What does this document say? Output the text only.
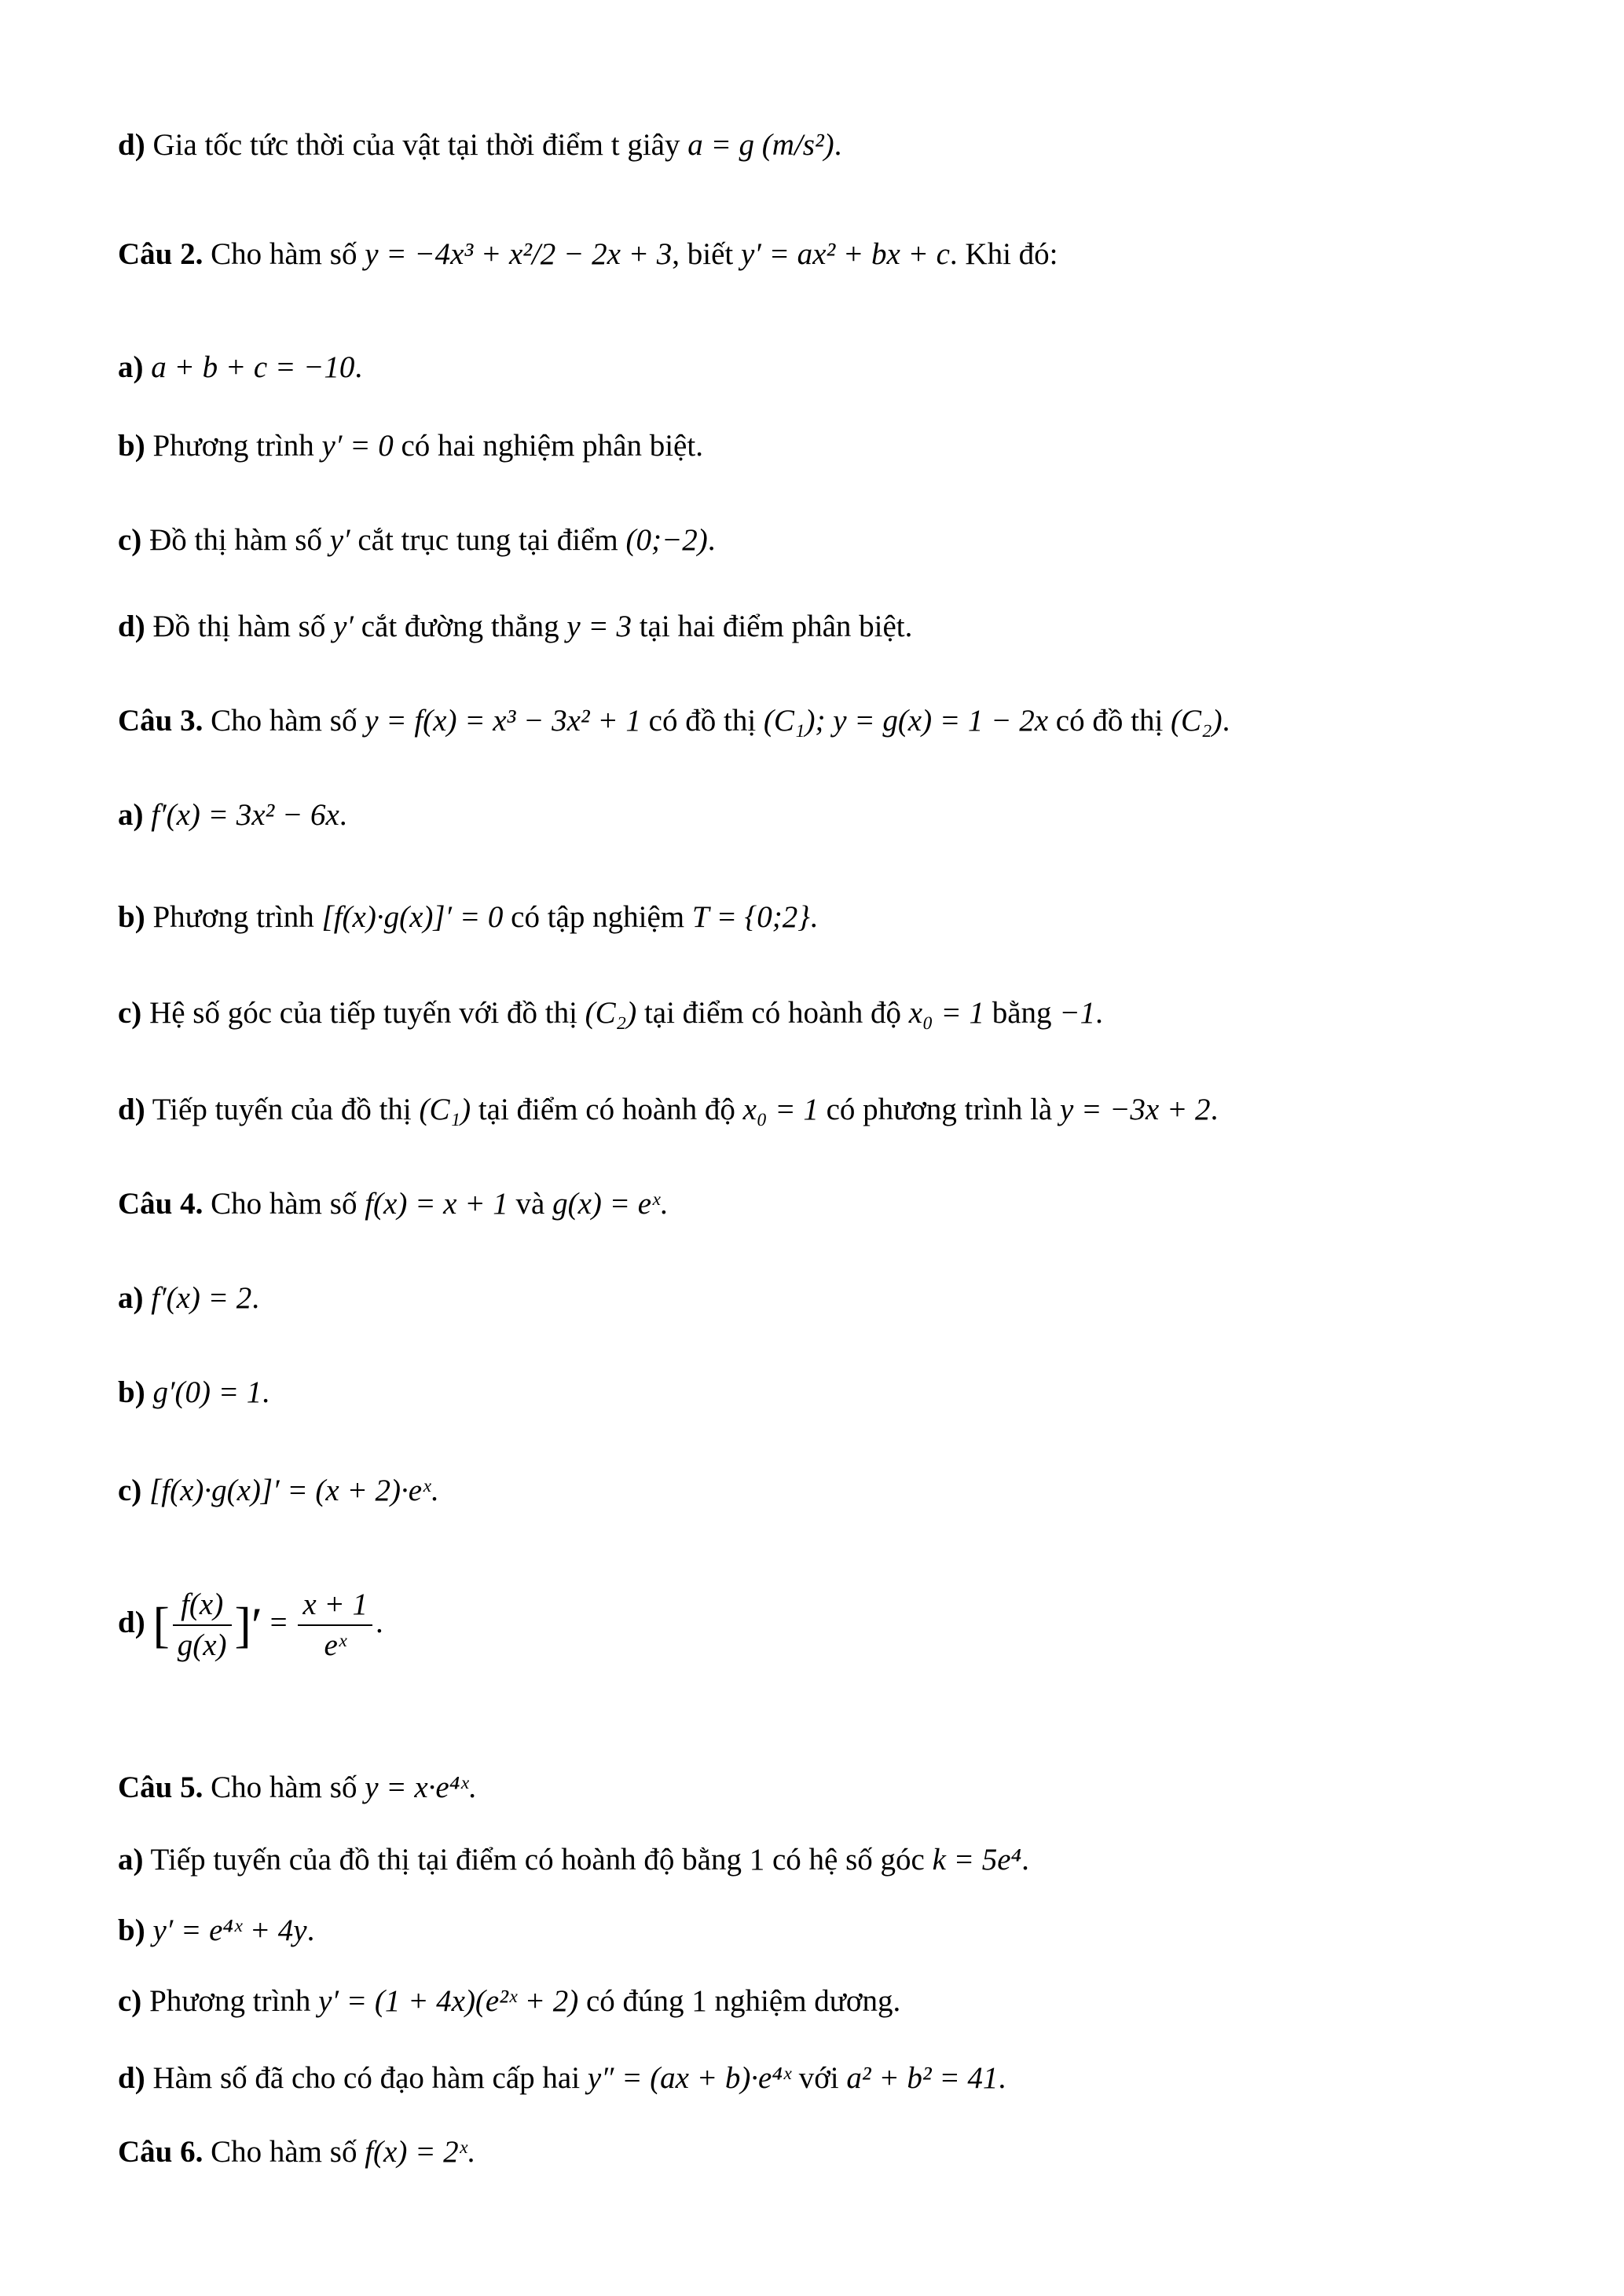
d) Gia tốc tức thời của vật tại thời điểm t giây a = g (m/s²).
Câu 2. Cho hàm số y = −4x³ + x²/2 − 2x + 3, biết y′ = ax² + bx + c. Khi đó:
a) a + b + c = −10.
b) Phương trình y′ = 0 có hai nghiệm phân biệt.
c) Đồ thị hàm số y′ cắt trục tung tại điểm (0;−2).
d) Đồ thị hàm số y′ cắt đường thẳng y = 3 tại hai điểm phân biệt.
Câu 3. Cho hàm số y = f(x) = x³ − 3x² + 1 có đồ thị (C₁); y = g(x) = 1 − 2x có đồ thị (C₂).
a) f′(x) = 3x² − 6x.
b) Phương trình [f(x)·g(x)]′ = 0 có tập nghiệm T = {0;2}.
c) Hệ số góc của tiếp tuyến với đồ thị (C₂) tại điểm có hoành độ x₀ = 1 bằng −1.
d) Tiếp tuyến của đồ thị (C₁) tại điểm có hoành độ x₀ = 1 có phương trình là y = −3x + 2.
Câu 4. Cho hàm số f(x) = x + 1 và g(x) = eˣ.
a) f′(x) = 2.
b) g′(0) = 1.
c) [f(x)·g(x)]′ = (x + 2)·eˣ.
d) [ $\frac{f(x)}{g(x)}$ ]′ = $\frac{x + 1}{\text{eˣ}}$ .
Câu 5. Cho hàm số y = x·e⁴ˣ.
a) Tiếp tuyến của đồ thị tại điểm có hoành độ bằng 1 có hệ số góc k = 5e⁴.
b) y′ = e⁴ˣ + 4y.
c) Phương trình y′ = (1 + 4x)(e²ˣ + 2) có đúng 1 nghiệm dương.
d) Hàm số đã cho có đạo hàm cấp hai y″ = (ax + b)·e⁴ˣ với a² + b² = 41.
Câu 6. Cho hàm số f(x) = 2ˣ.
